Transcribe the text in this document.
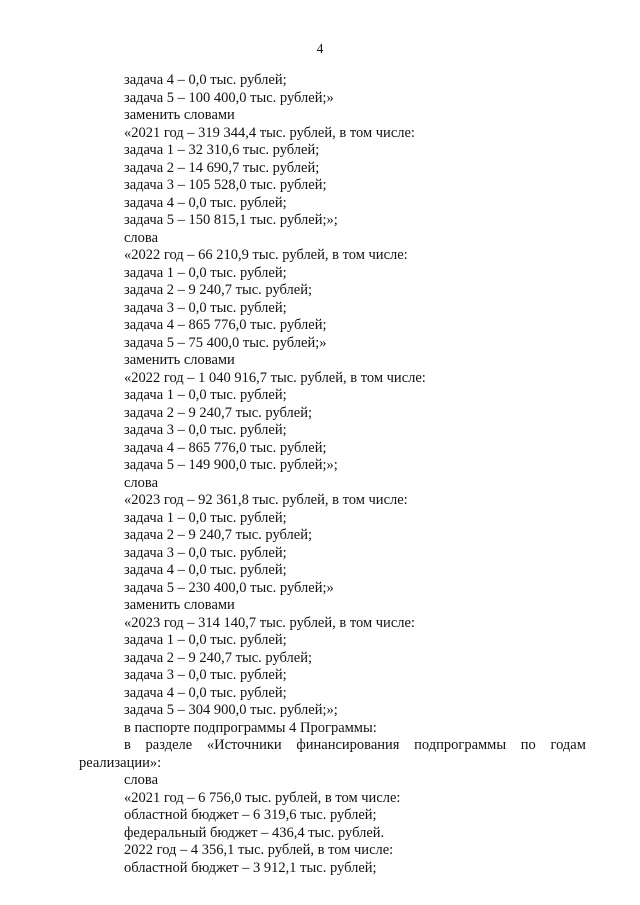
4
задача 4 – 0,0 тыс. рублей;
задача 5 – 100 400,0 тыс. рублей;»
заменить словами
«2021 год – 319 344,4 тыс. рублей, в том числе:
задача 1 – 32 310,6 тыс. рублей;
задача 2 – 14 690,7 тыс. рублей;
задача 3 – 105 528,0 тыс. рублей;
задача 4 – 0,0 тыс. рублей;
задача 5 – 150 815,1 тыс. рублей;»;
слова
«2022 год – 66 210,9 тыс. рублей, в том числе:
задача 1 – 0,0 тыс. рублей;
задача 2 – 9 240,7 тыс. рублей;
задача 3 – 0,0 тыс. рублей;
задача 4 – 865 776,0 тыс. рублей;
задача 5 – 75 400,0 тыс. рублей;»
заменить словами
«2022 год – 1 040 916,7 тыс. рублей, в том числе:
задача 1 – 0,0 тыс. рублей;
задача 2 – 9 240,7 тыс. рублей;
задача 3 – 0,0 тыс. рублей;
задача 4 – 865 776,0 тыс. рублей;
задача 5 – 149 900,0 тыс. рублей;»;
слова
«2023 год – 92 361,8 тыс. рублей, в том числе:
задача 1 – 0,0 тыс. рублей;
задача 2 – 9 240,7 тыс. рублей;
задача 3 – 0,0 тыс. рублей;
задача 4 – 0,0 тыс. рублей;
задача 5 – 230 400,0 тыс. рублей;»
заменить словами
«2023 год – 314 140,7 тыс. рублей, в том числе:
задача 1 – 0,0 тыс. рублей;
задача 2 – 9 240,7 тыс. рублей;
задача 3 – 0,0 тыс. рублей;
задача 4 – 0,0 тыс. рублей;
задача 5 – 304 900,0 тыс. рублей;»;
в паспорте подпрограммы 4 Программы:
в разделе «Источники финансирования подпрограммы по годам
реализации»:
слова
«2021 год – 6 756,0 тыс. рублей, в том числе:
областной бюджет – 6 319,6 тыс. рублей;
федеральный бюджет – 436,4 тыс. рублей.
2022 год – 4 356,1 тыс. рублей, в том числе:
областной бюджет – 3 912,1 тыс. рублей;
